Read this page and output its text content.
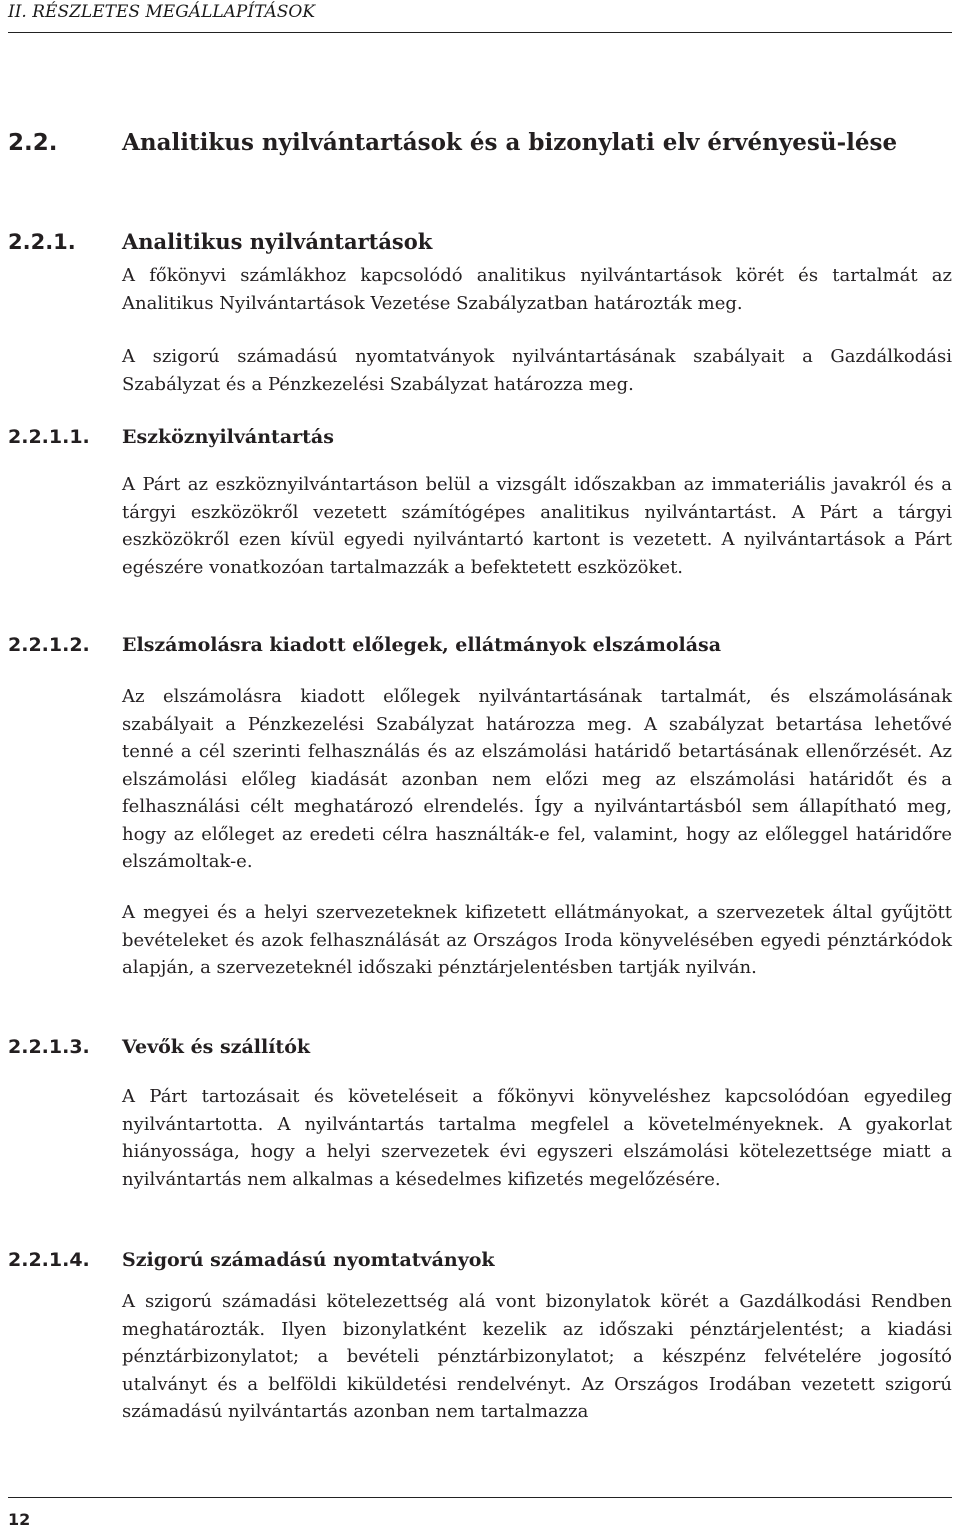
II. RÉSZLETES MEGÁLLAPÍTÁSOK
2.2.	Analitikus nyilvántartások és a bizonylati elv érvényesü-lése
2.2.1. Analitikus nyilvántartások

A főkönyvi számlákhoz kapcsolódó analitikus nyilvántartások körét és tartalmát az Analitikus Nyilvántartások Vezetése Szabályzatban határozták meg.

A szigorú számadású nyomtatványok nyilvántartásának szabályait a Gazdálkodási Szabályzat és a Pénzkezelési Szabályzat határozza meg.

2.2.1.1. Eszköznyilvántartás

A Párt az eszköznyilvántartáson belül a vizsgált időszakban az immateriális javakról és a tárgyi eszközökről vezetett számítógépes analitikus nyilvántartást. A Párt a tárgyi eszközökről ezen kívül egyedi nyilvántartó kartont is vezetett. A nyilvántartások a Párt egészére vonatkozóan tartalmazzák a befektetett eszközöket.

2.2.1.2. Elszámolásra kiadott előlegek, ellátmányok elszámolása

Az elszámolásra kiadott előlegek nyilvántartásának tartalmát, és elszámolásának szabályait a Pénzkezelési Szabályzat határozza meg. A szabályzat betartása lehetővé tenné a cél szerinti felhasználás és az elszámolási határidő betartásának ellenőrzését. Az elszámolási előleg kiadását azonban nem előzi meg az elszámolási határidőt és a felhasználási célt meghatározó elrendelés. Így a nyilvántartásból sem állapítható meg, hogy az előleget az eredeti célra használták-e fel, valamint, hogy az előleggel határidőre elszámoltak-e.

A megyei és a helyi szervezeteknek kifizetett ellátmányokat, a szervezetek által gyűjtött bevételeket és azok felhasználását az Országos Iroda könyvelésében egyedi pénztárkódok alapján, a szervezeteknél időszaki pénztárjelentésben tartják nyilván.

2.2.1.3. Vevők és szállítók

A Párt tartozásait és követeléseit a főkönyvi könyveléshez kapcsolódóan egyedileg nyilvántartotta. A nyilvántartás tartalma megfelel a követelményeknek. A gyakorlat hiányossága, hogy a helyi szervezetek évi egyszeri elszámolási kötelezettsége miatt a nyilvántartás nem alkalmas a késedelmes kifizetés megelőzésére.

2.2.1.4. Szigorú számadású nyomtatványok

A szigorú számadási kötelezettség alá vont bizonylatok körét a Gazdálkodási Rendben meghatározták. Ilyen bizonylatként kezelik az időszaki pénztárjelentést; a kiadási pénztárbizonylatot; a bevételi pénztárbizonylatot; a készpénz felvételére jogosító utalványt és a belföldi kiküldetési rendelvényt. Az Országos Irodában vezetett szigorú számadású nyilvántartás azonban nem tartalmazza

12
